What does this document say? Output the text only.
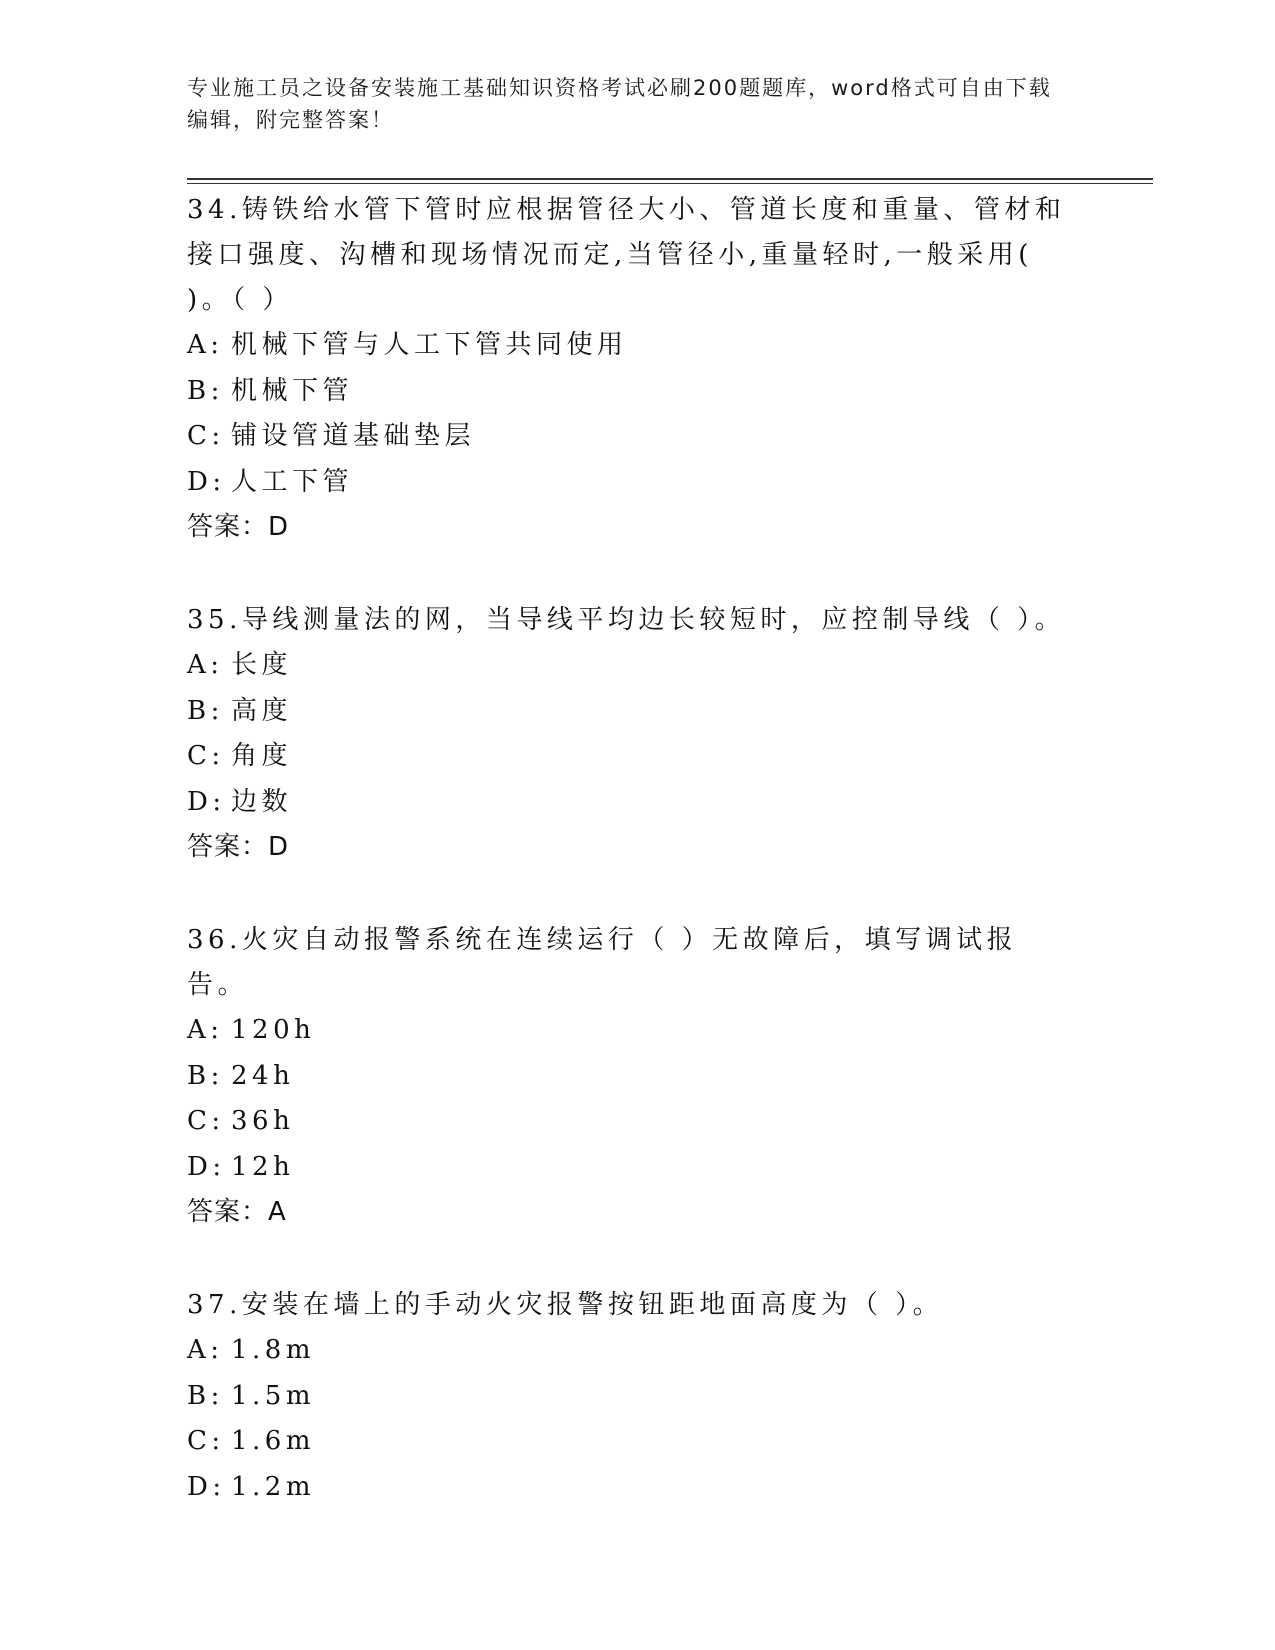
专业施工员之设备安装施工基础知识资格考试必刷200题题库，word格式可自由下载编辑，附完整答案！

34.铸铁给水管下管时应根据管径大小、管道长度和重量、管材和接口强度、沟槽和现场情况而定,当管径小,重量轻时,一般采用( )。（ ）

A: 机械下管与人工下管共同使用

B: 机械下管

C: 铺设管道基础垫层

D: 人工下管

答案：D

35.导线测量法的网，当导线平均边长较短时，应控制导线（ ）。

A: 长度

B: 高度

C: 角度

D: 边数

答案：D

36.火灾自动报警系统在连续运行（ ）无故障后，填写调试报告。

A: 120h

B: 24h

C: 36h

D: 12h

答案：A

37.安装在墙上的手动火灾报警按钮距地面高度为（ ）。

A: 1.8m

B: 1.5m

C: 1.6m

D: 1.2m
